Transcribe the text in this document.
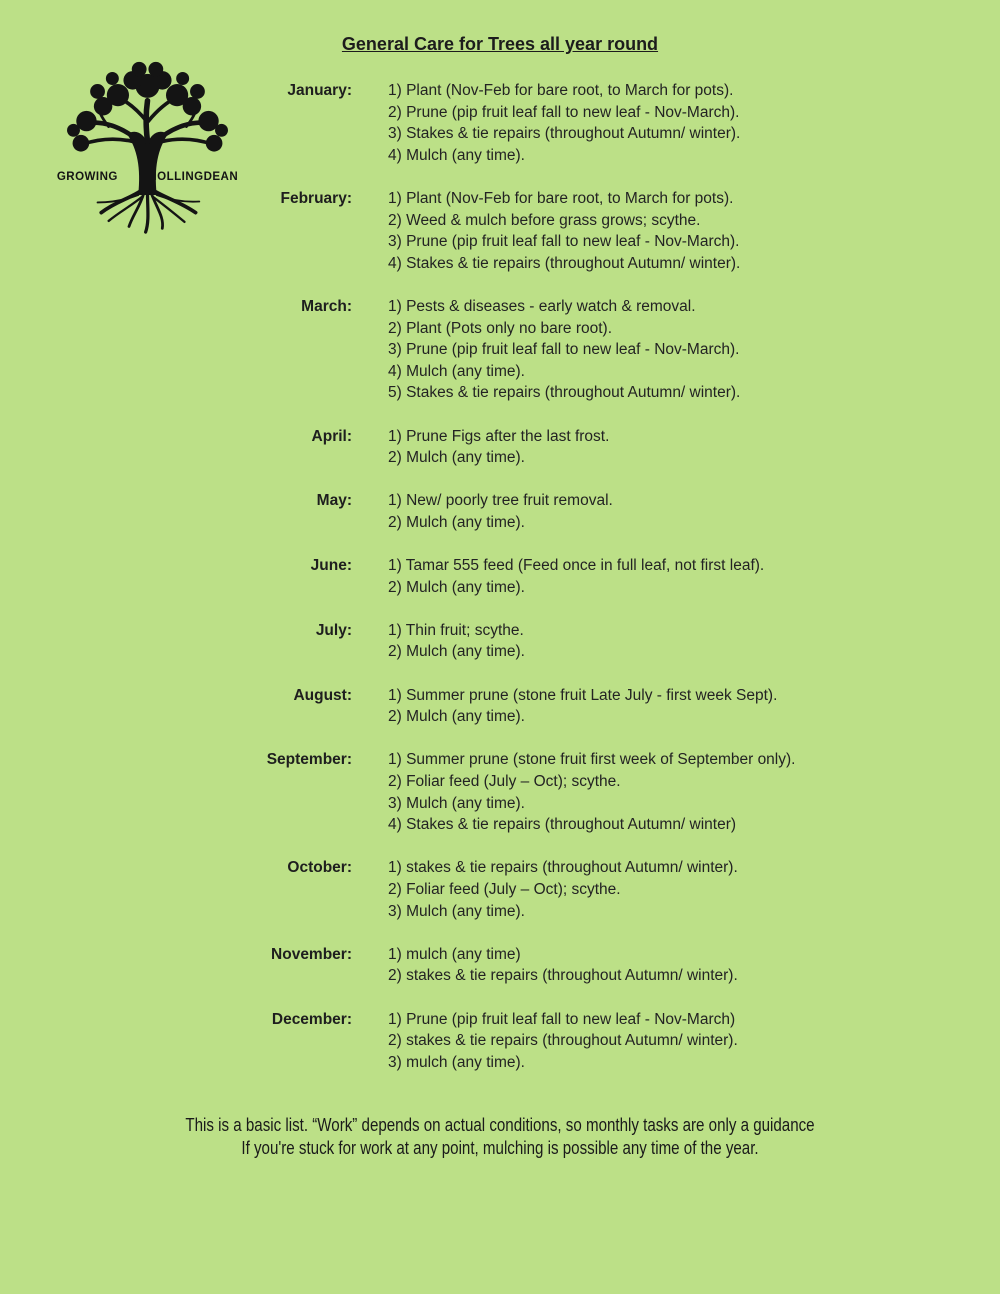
GROWING HOLLINGDEAN
General Care for Trees all year round
January: 1) Plant (Nov-Feb for bare root, to March for pots).
2) Prune (pip fruit leaf fall to new leaf - Nov-March).
3) Stakes & tie repairs (throughout Autumn/ winter).
4) Mulch (any time).
February: 1) Plant (Nov-Feb for bare root, to March for pots).
2) Weed & mulch before grass grows; scythe.
3) Prune (pip fruit leaf fall to new leaf - Nov-March).
4) Stakes & tie repairs (throughout Autumn/ winter).
March: 1) Pests & diseases - early watch & removal.
2) Plant (Pots only no bare root).
3) Prune (pip fruit leaf fall to new leaf - Nov-March).
4) Mulch (any time).
5) Stakes & tie repairs (throughout Autumn/ winter).
April: 1) Prune Figs after the last frost.
2) Mulch (any time).
May: 1) New/ poorly tree fruit removal.
2) Mulch (any time).
June: 1) Tamar 555 feed (Feed once in full leaf, not first leaf).
2) Mulch (any time).
July: 1) Thin fruit; scythe.
2) Mulch (any time).
August: 1) Summer prune (stone fruit Late July - first week Sept).
2) Mulch (any time).
September: 1) Summer prune (stone fruit first week of September only).
2) Foliar feed (July – Oct); scythe.
3) Mulch (any time).
4) Stakes & tie repairs (throughout Autumn/ winter)
October: 1) stakes & tie repairs (throughout Autumn/ winter).
2) Foliar feed (July – Oct); scythe.
3) Mulch (any time).
November: 1) mulch (any time)
2) stakes & tie repairs (throughout Autumn/ winter).
December: 1) Prune (pip fruit leaf fall to new leaf - Nov-March)
2) stakes & tie repairs (throughout Autumn/ winter).
3) mulch (any time).
This is a basic list. “Work” depends on actual conditions, so monthly tasks are only a guidance
If you're stuck for work at any point, mulching is possible any time of the year.
